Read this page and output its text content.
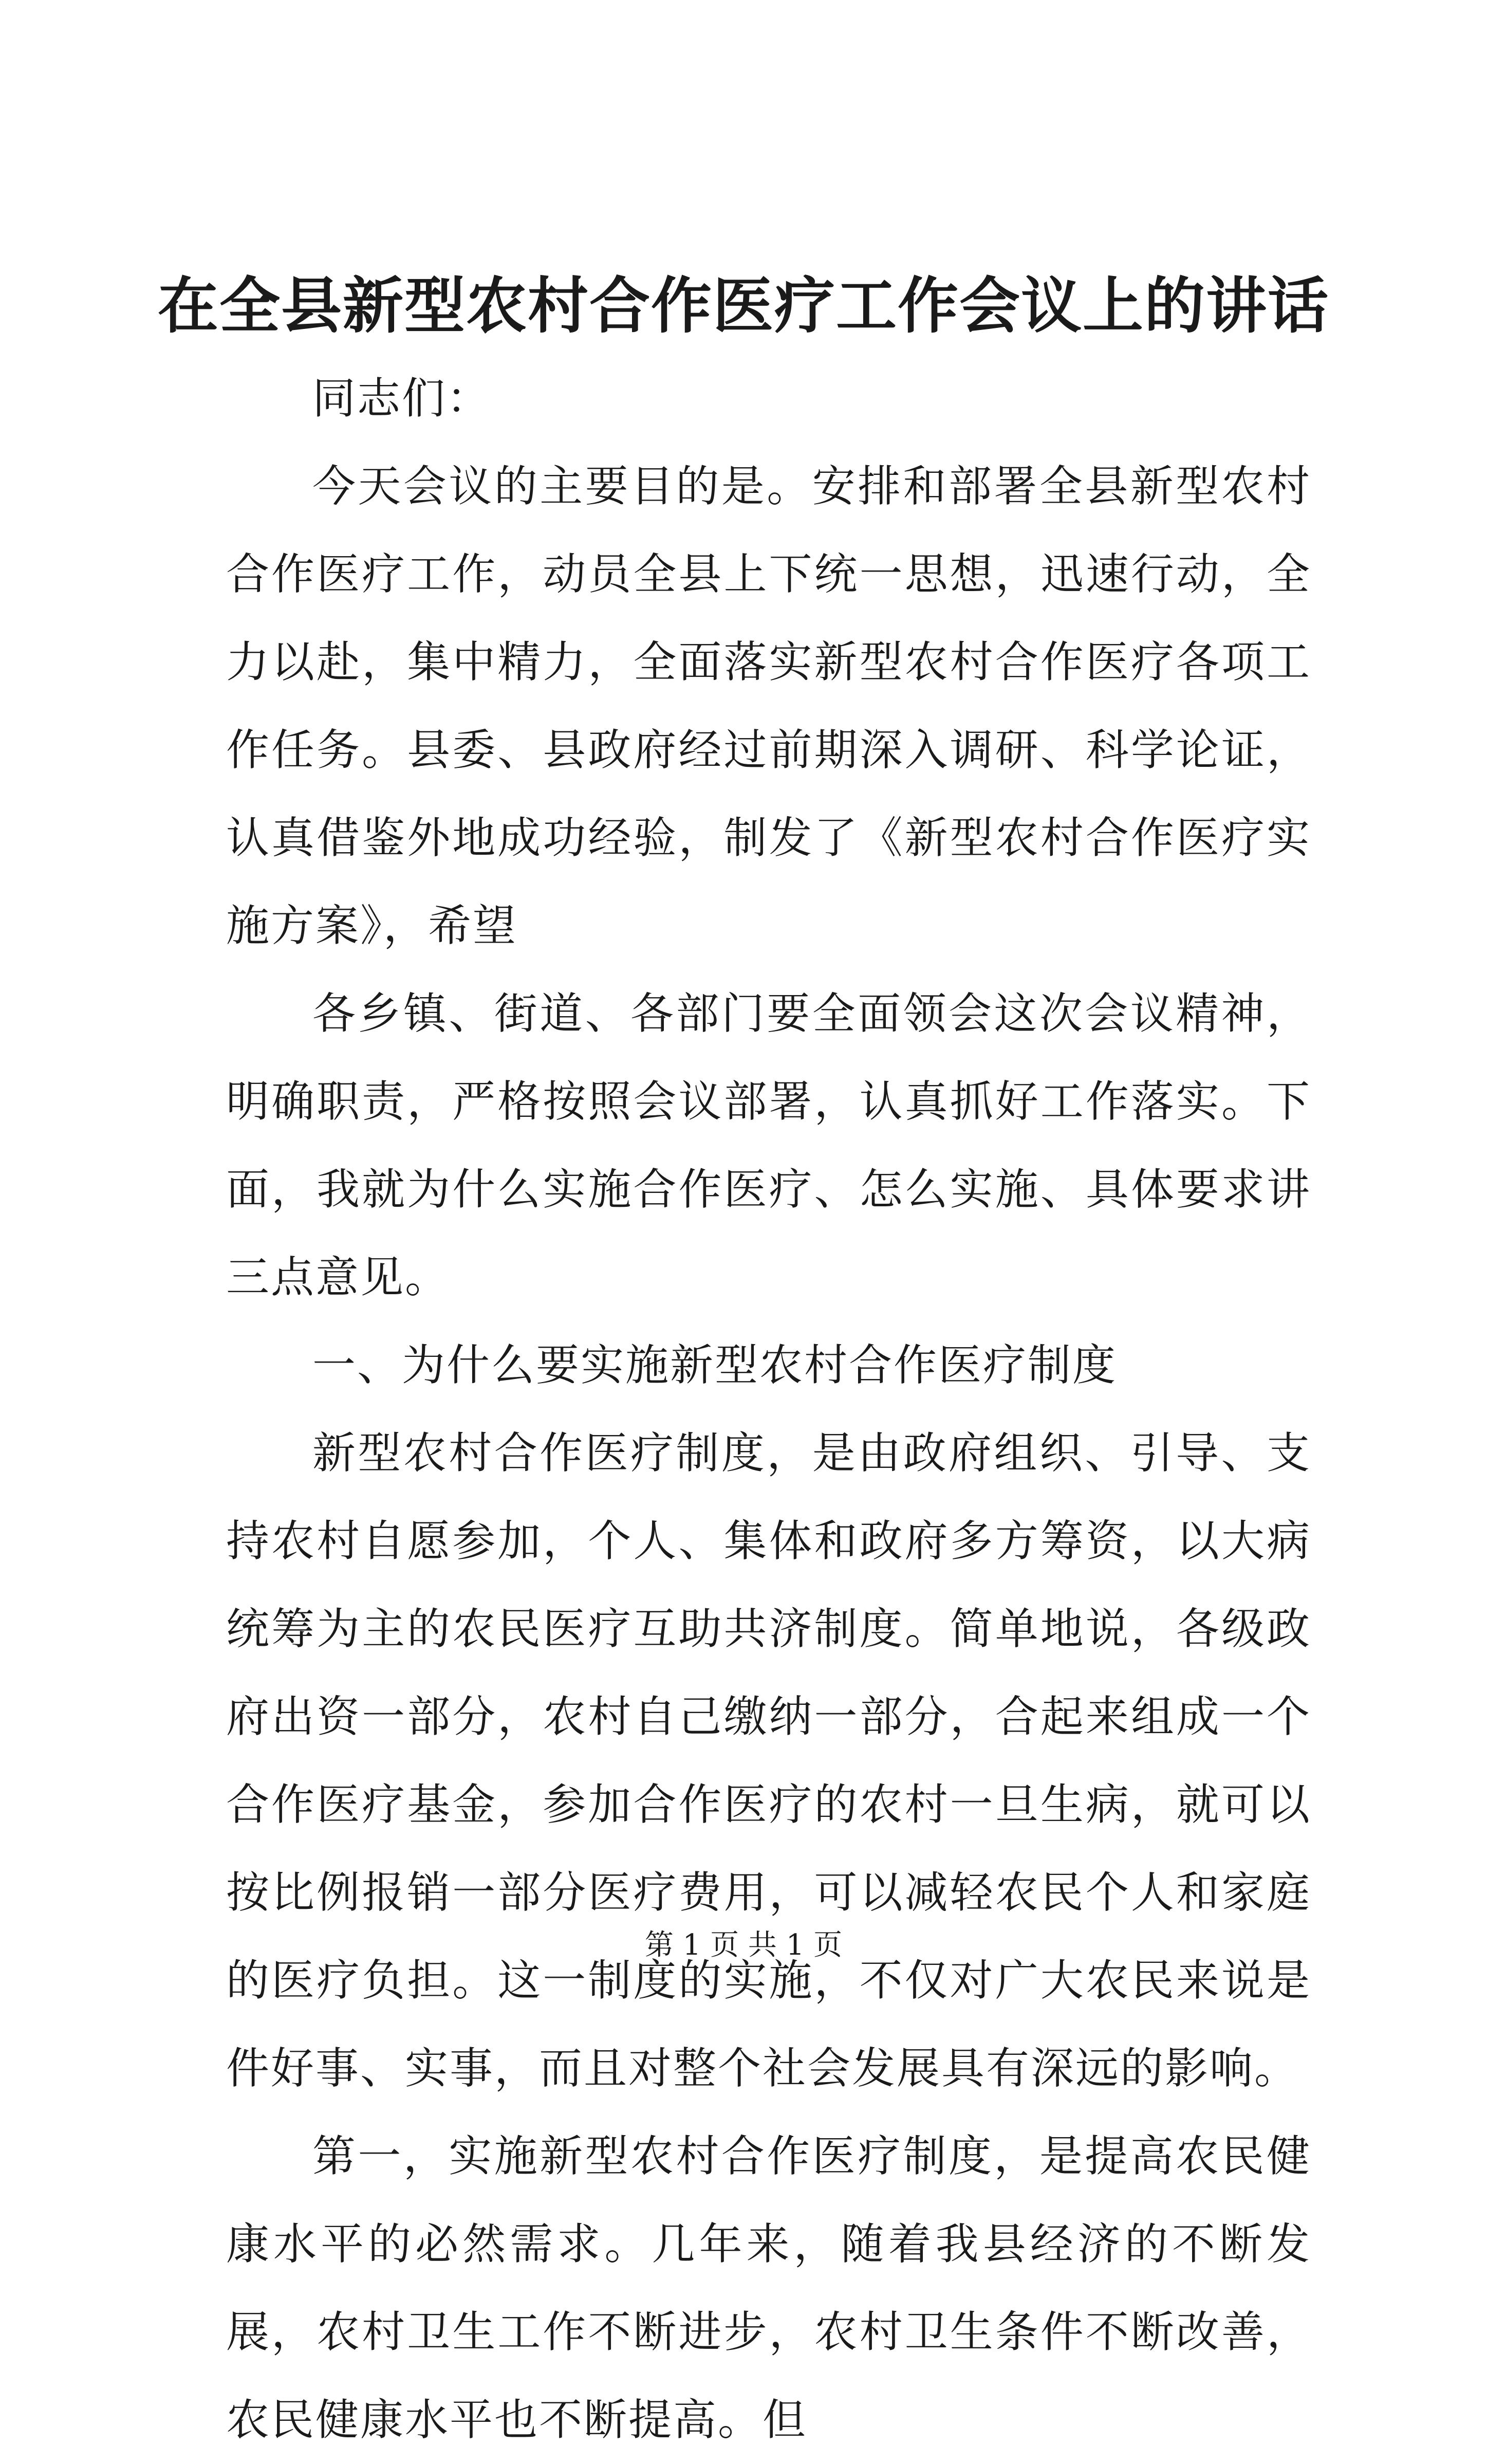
在全县新型农村合作医疗工作会议上的讲话

同志们：

今天会议的主要目的是。安排和部署全县新型农村合作医疗工作，动员全县上下统一思想，迅速行动，全力以赴，集中精力，全面落实新型农村合作医疗各项工作任务。县委、县政府经过前期深入调研、科学论证，认真借鉴外地成功经验，制发了《新型农村合作医疗实施方案》，希望

各乡镇、街道、各部门要全面领会这次会议精神，明确职责，严格按照会议部署，认真抓好工作落实。下面，我就为什么实施合作医疗、怎么实施、具体要求讲三点意见。

一、为什么要实施新型农村合作医疗制度

新型农村合作医疗制度，是由政府组织、引导、支持农村自愿参加，个人、集体和政府多方筹资，以大病统筹为主的农民医疗互助共济制度。简单地说，各级政府出资一部分，农村自己缴纳一部分，合起来组成一个合作医疗基金，参加合作医疗的农村一旦生病，就可以按比例报销一部分医疗费用，可以减轻农民个人和家庭的医疗负担。这一制度的实施，不仅对广大农民来说是件好事、实事，而且对整个社会发展具有深远的影响。

第一，实施新型农村合作医疗制度，是提高农民健康水平的必然需求。几年来，随着我县经济的不断发展，农村卫生工作不断进步，农村卫生条件不断改善，农民健康水平也不断提高。但

第 1 页 共 1 页
